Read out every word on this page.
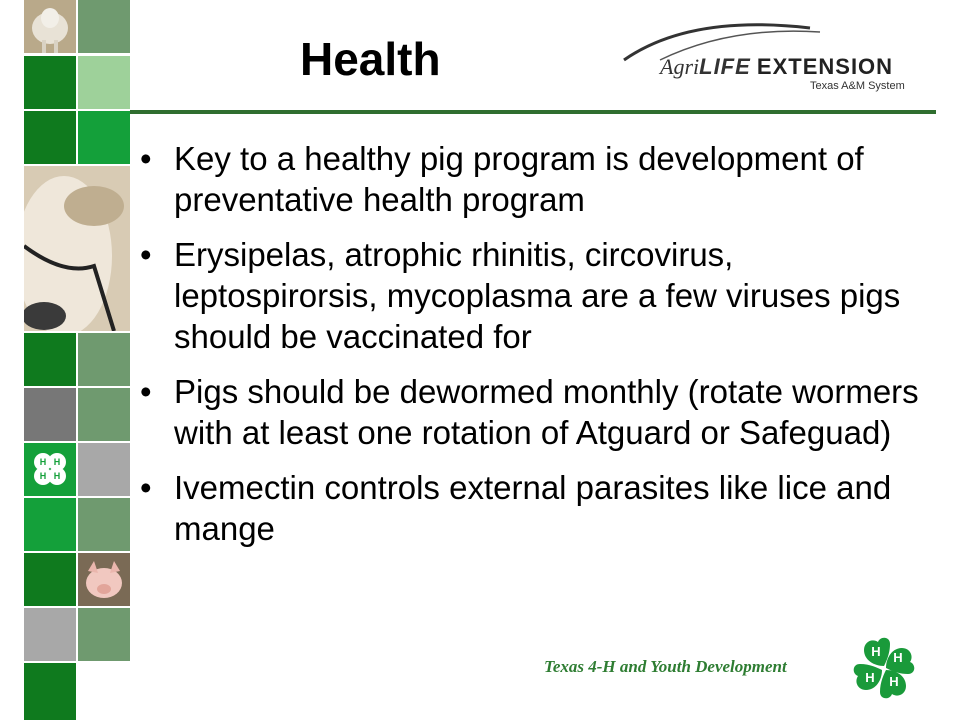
H H
H H
Health	AgriLIFE EXTENSION
Texas A&M System
• Key to a healthy pig program is development of preventative health program
• Erysipelas, atrophic rhinitis, circovirus, leptospirorsis, mycoplasma are a few viruses pigs should be vaccinated for
• Pigs should be dewormed monthly (rotate wormers with at least one rotation of Atguard or Safeguad)
• Ivemectin controls external parasites like lice and mange
Texas 4-H and Youth Development
H H
H H
